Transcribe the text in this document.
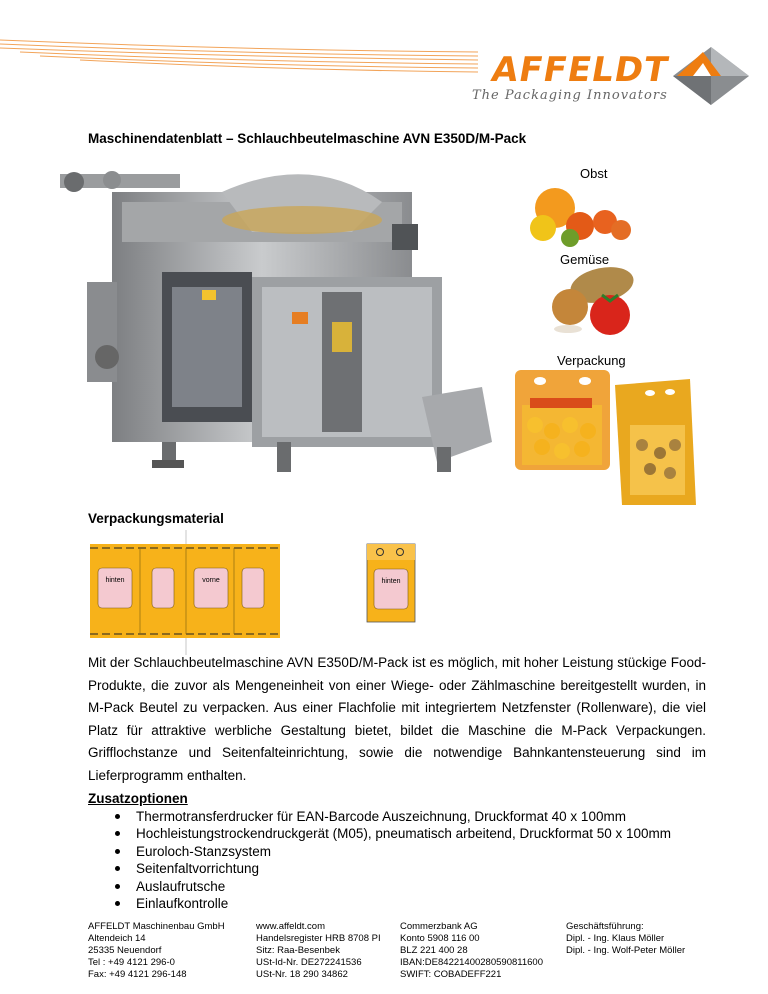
AFFELDT
The Packaging Innovators
Maschinendatenblatt – Schlauchbeutelmaschine AVN E350D/M-Pack
Obst
Gemüse
Verpackung
Verpackungsmaterial
hinten	vorne	hinten

Mit der Schlauchbeutelmaschine AVN E350D/M-Pack ist es möglich, mit hoher Leistung stückige Food-Produkte, die zuvor als Mengeneinheit von einer Wiege- oder Zählmaschine bereitgestellt wurden, in M-Pack Beutel zu verpacken. Aus einer Flachfolie mit integriertem Netzfenster (Rollenware), die viel Platz für attraktive werbliche Gestaltung bietet, bildet die Maschine die M-Pack Verpackungen. Grifflochstanze und Seitenfalteinrichtung, sowie die notwendige Bahnkantensteuerung sind im Lieferprogramm enthalten.

Zusatzoptionen
Thermotransferdrucker für EAN-Barcode Auszeichnung, Druckformat 40 x 100mm
Hochleistungstrockendruckgerät (M05), pneumatisch arbeitend, Druckformat 50 x 100mm
Euroloch-Stanzsystem
Seitenfaltvorrichtung
Auslaufrutsche
Einlaufkontrolle
AFFELDT Maschinenbau GmbH
Altendeich 14
25335 Neuendorf
Tel : +49 4121 296-0
Fax: +49 4121 296-148
www.affeldt.com
Handelsregister HRB 8708 PI
Sitz: Raa-Besenbek
USt-Id-Nr. DE272241536
USt-Nr. 18 290 34862
Commerzbank AG
Konto 5908 116 00
BLZ 221 400 28
IBAN:DE84221400280590811600
SWIFT: COBADEFF221
Geschäftsführung:
Dipl. - Ing. Klaus Möller
Dipl. - Ing. Wolf-Peter Möller
